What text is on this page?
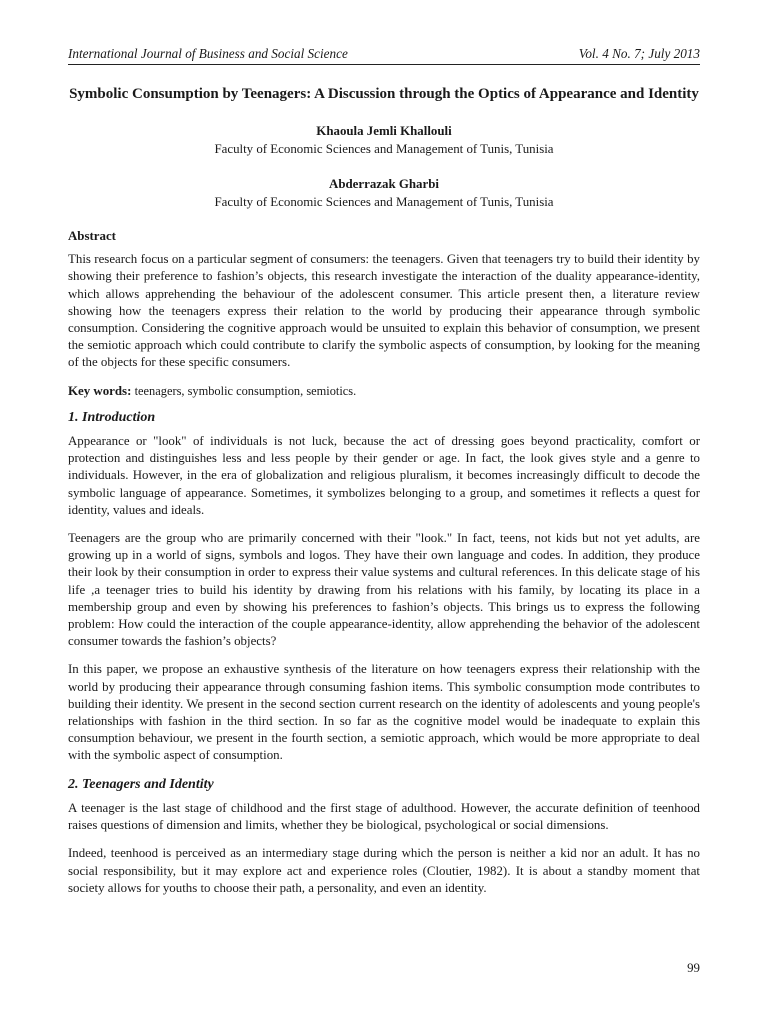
International Journal of Business and Social Science	Vol. 4 No. 7; July 2013
Symbolic Consumption by Teenagers: A Discussion through the Optics of Appearance and Identity
Khaoula Jemli Khallouli
Faculty of Economic Sciences and Management of Tunis, Tunisia
Abderrazak Gharbi
Faculty of Economic Sciences and Management of Tunis, Tunisia
Abstract

This research focus on a particular segment of consumers: the teenagers. Given that teenagers try to build their identity by showing their preference to fashion’s objects, this research investigate the interaction of the duality appearance-identity, which allows apprehending the behaviour of the adolescent consumer. This article present then, a literature review showing how the teenagers express their relation to the world by producing their appearance through symbolic consumption. Considering the cognitive approach would be unsuited to explain this behavior of consumption, we present the semiotic approach which could contribute to clarify the symbolic aspects of consumption, by looking for the meaning of the objects for these specific consumers.

Key words: teenagers, symbolic consumption, semiotics.
1. Introduction

Appearance or "look" of individuals is not luck, because the act of dressing goes beyond practicality, comfort or protection and distinguishes less and less people by their gender or age. In fact, the look gives style and a genre to individuals. However, in the era of globalization and religious pluralism, it becomes increasingly difficult to decode the symbolic language of appearance. Sometimes, it symbolizes belonging to a group, and sometimes it reflects a quest for identity, values and ideals.

Teenagers are the group who are primarily concerned with their "look." In fact, teens, not kids but not yet adults, are growing up in a world of signs, symbols and logos. They have their own language and codes. In addition, they produce their look by their consumption in order to express their value systems and cultural references. In this delicate stage of his life ,a teenager tries to build his identity by drawing from his relations with his family, by locating its place in a membership group and even by showing his preferences to fashion’s objects. This brings us to express the following problem: How could the interaction of the couple appearance-identity, allow apprehending the behavior of the adolescent consumer towards the fashion’s objects?

In this paper, we propose an exhaustive synthesis of the literature on how teenagers express their relationship with the world by producing their appearance through consuming fashion items. This symbolic consumption mode contributes to building their identity. We present in the second section current research on the identity of adolescents and young people's relationships with fashion in the third section. In so far as the cognitive model would be inadequate to explain this consumption behaviour, we present in the fourth section, a semiotic approach, which would be more appropriate to deal with the symbolic aspect of consumption.

2. Teenagers and Identity

A teenager is the last stage of childhood and the first stage of adulthood. However, the accurate definition of teenhood raises questions of dimension and limits, whether they be biological, psychological or social dimensions.

Indeed, teenhood is perceived as an intermediary stage during which the person is neither a kid nor an adult. It has no social responsibility, but it may explore act and experience roles (Cloutier, 1982). It is about a standby moment that society allows for youths to choose their path, a personality, and even an identity.

99
